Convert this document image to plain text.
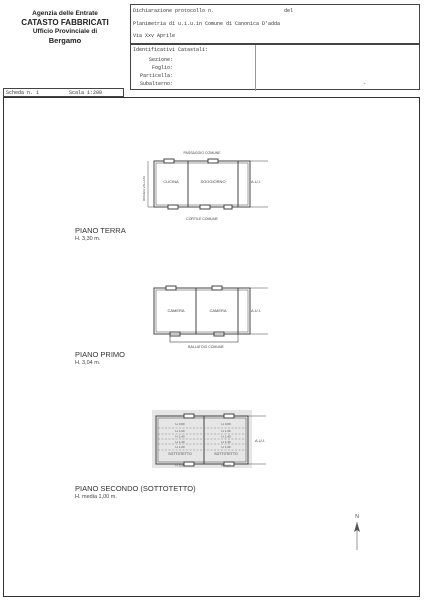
Agenzia delle Entrate
CATASTO FABBRICATI
Ufficio Provinciale di
Bergamo
Dichiarazione protocollo n.	del
Planimetria di u.i.u.in Comune di Canonica D'adda
Via Xxv Aprile
Identificativi Catastali:
Sezione:
Foglio:
Particella:
Subalterno:	-
Scheda n. 1	Scala 1:200
PASSAGGIO COMUNE
CUCINA	SOGGIORNO	A.U.I.
CORTILE COMUNE
ROGGIA VALLATA
PIANO TERRA
H. 3,30 m.
CAMERA	CAMERA	A.U.I.
BALLATOIO COMUNE
PIANO PRIMO
H. 3,04 m.
H. 0,60	H. 0,60
H. 1,00
H. 1,40	H. 1,40
H. 1,00
H. 0,60	H. 0,60
H. 1,00
H. 1,40	H. 1,40
H. 1,00
SOTTOTETTO	SOTTOTETTO
A.U.I.
PIANO SECONDO (SOTTOTETTO)
H. media 1,00 m.
N
